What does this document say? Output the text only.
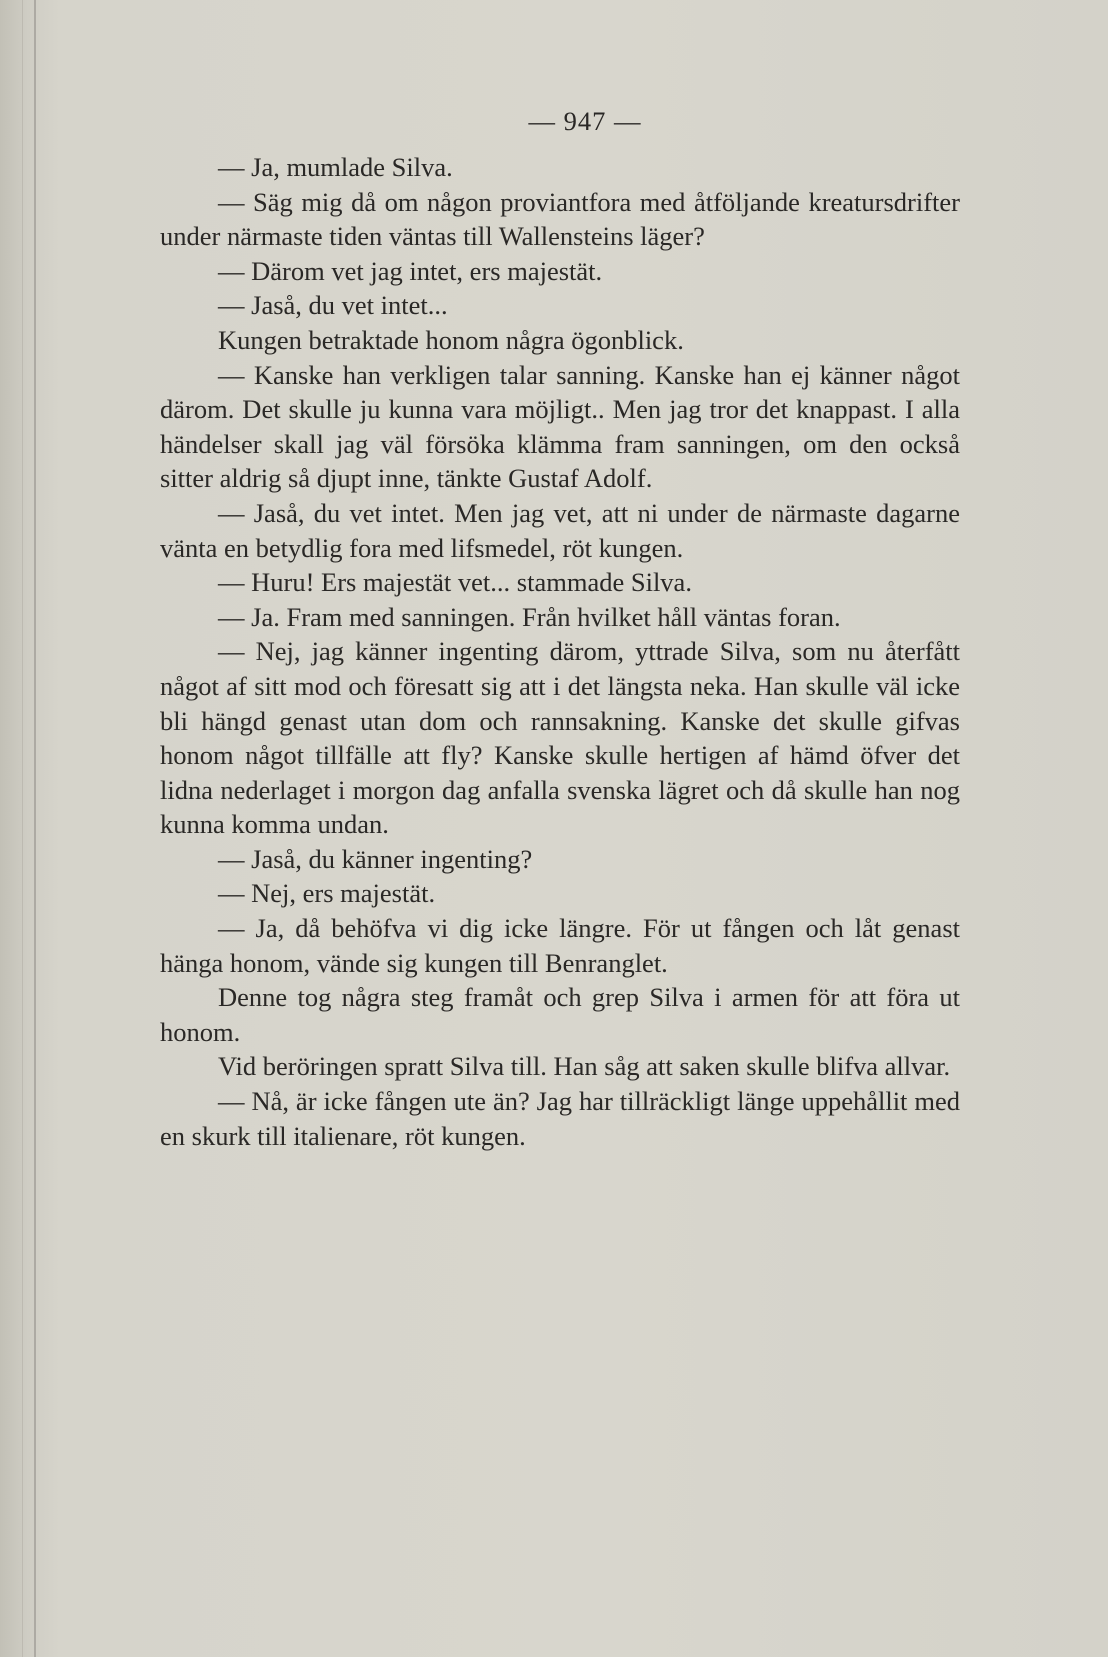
— 947 —

— Ja, mumlade Silva.

— Säg mig då om någon proviantfora med åtföljande kreatursdrifter under närmaste tiden väntas till Wallensteins läger?

— Därom vet jag intet, ers majestät.

— Jaså, du vet intet...

Kungen betraktade honom några ögonblick.

— Kanske han verkligen talar sanning. Kanske han ej känner något därom. Det skulle ju kunna vara möjligt.. Men jag tror det knappast. I alla händelser skall jag väl försöka klämma fram sanningen, om den också sitter aldrig så djupt inne, tänkte Gustaf Adolf.

— Jaså, du vet intet. Men jag vet, att ni under de närmaste dagarne vänta en betydlig fora med lifsmedel, röt kungen.

— Huru! Ers majestät vet... stammade Silva.

— Ja. Fram med sanningen. Från hvilket håll väntas foran.

— Nej, jag känner ingenting därom, yttrade Silva, som nu återfått något af sitt mod och föresatt sig att i det längsta neka. Han skulle väl icke bli hängd genast utan dom och rannsakning. Kanske det skulle gifvas honom något tillfälle att fly? Kanske skulle hertigen af hämd öfver det lidna nederlaget i morgon dag anfalla svenska lägret och då skulle han nog kunna komma undan.

— Jaså, du känner ingenting?

— Nej, ers majestät.

— Ja, då behöfva vi dig icke längre. För ut fången och låt genast hänga honom, vände sig kungen till Benranglet.

Denne tog några steg framåt och grep Silva i armen för att föra ut honom.

Vid beröringen spratt Silva till. Han såg att saken skulle blifva allvar.

— Nå, är icke fången ute än? Jag har tillräckligt länge uppehållit med en skurk till italienare, röt kungen.
